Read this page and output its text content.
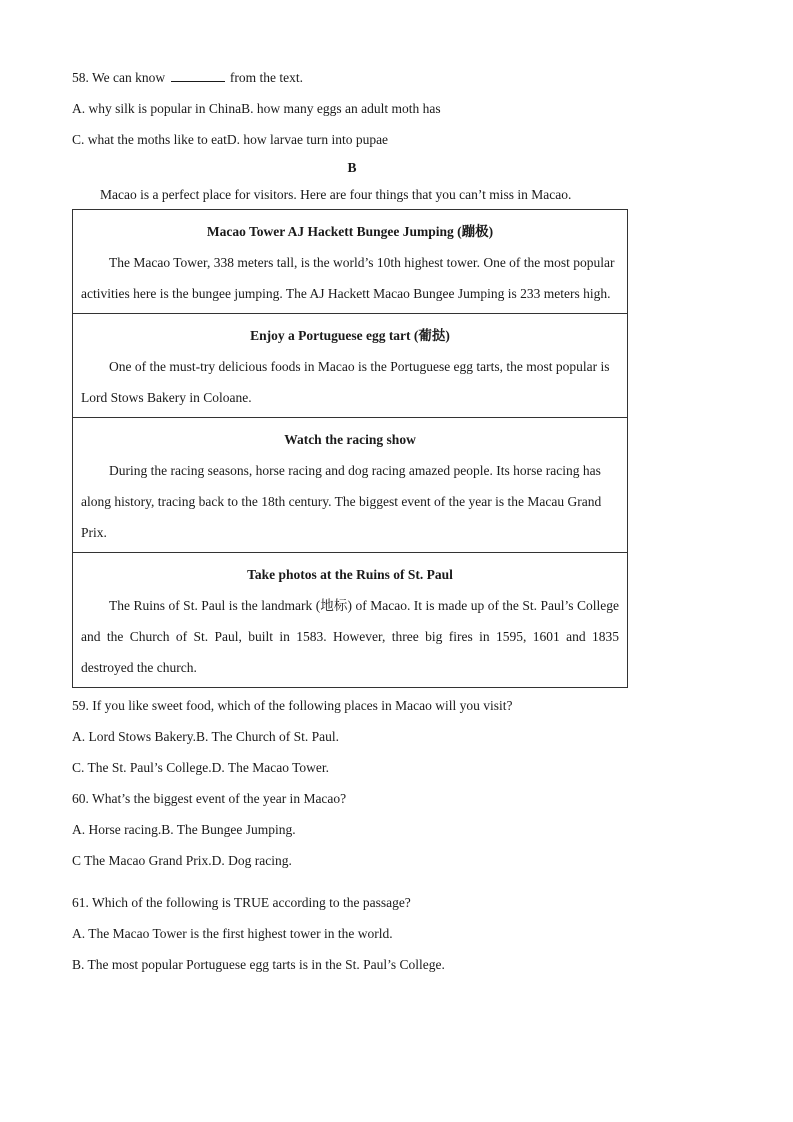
58. We can know	from the text.
A. why silk is popular in ChinaB. how many eggs an adult moth has
C. what the moths like to eatD. how larvae turn into pupae
B
Macao is a perfect place for visitors. Here are four things that you can’t miss in Macao.
Macao Tower AJ Hackett Bungee Jumping (蹦极)
The Macao Tower, 338 meters tall, is the world’s 10th highest tower. One of the most popular activities here is the bungee jumping. The AJ Hackett Macao Bungee Jumping is 233 meters high.

Enjoy a Portuguese egg tart (葡挞)
One of the must-try delicious foods in Macao is the Portuguese egg tarts, the most popular is Lord Stows Bakery in Coloane.

Watch the racing show
During the racing seasons, horse racing and dog racing amazed people. Its horse racing has along history, tracing back to the 18th century. The biggest event of the year is the Macau Grand Prix.

Take photos at the Ruins of St. Paul
The Ruins of St. Paul is the landmark (地标) of Macao. It is made up of the St. Paul’s College and the Church of St. Paul, built in 1583. However, three big fires in 1595, 1601 and 1835 destroyed the church.
59. If you like sweet food, which of the following places in Macao will you visit?
A. Lord Stows Bakery.B. The Church of St. Paul.
C. The St. Paul’s College.D. The Macao Tower.
60. What’s the biggest event of the year in Macao?
A. Horse racing.B. The Bungee Jumping.
C The Macao Grand Prix.D. Dog racing.
61. Which of the following is TRUE according to the passage?
A. The Macao Tower is the first highest tower in the world.
B. The most popular Portuguese egg tarts is in the St. Paul’s College.
